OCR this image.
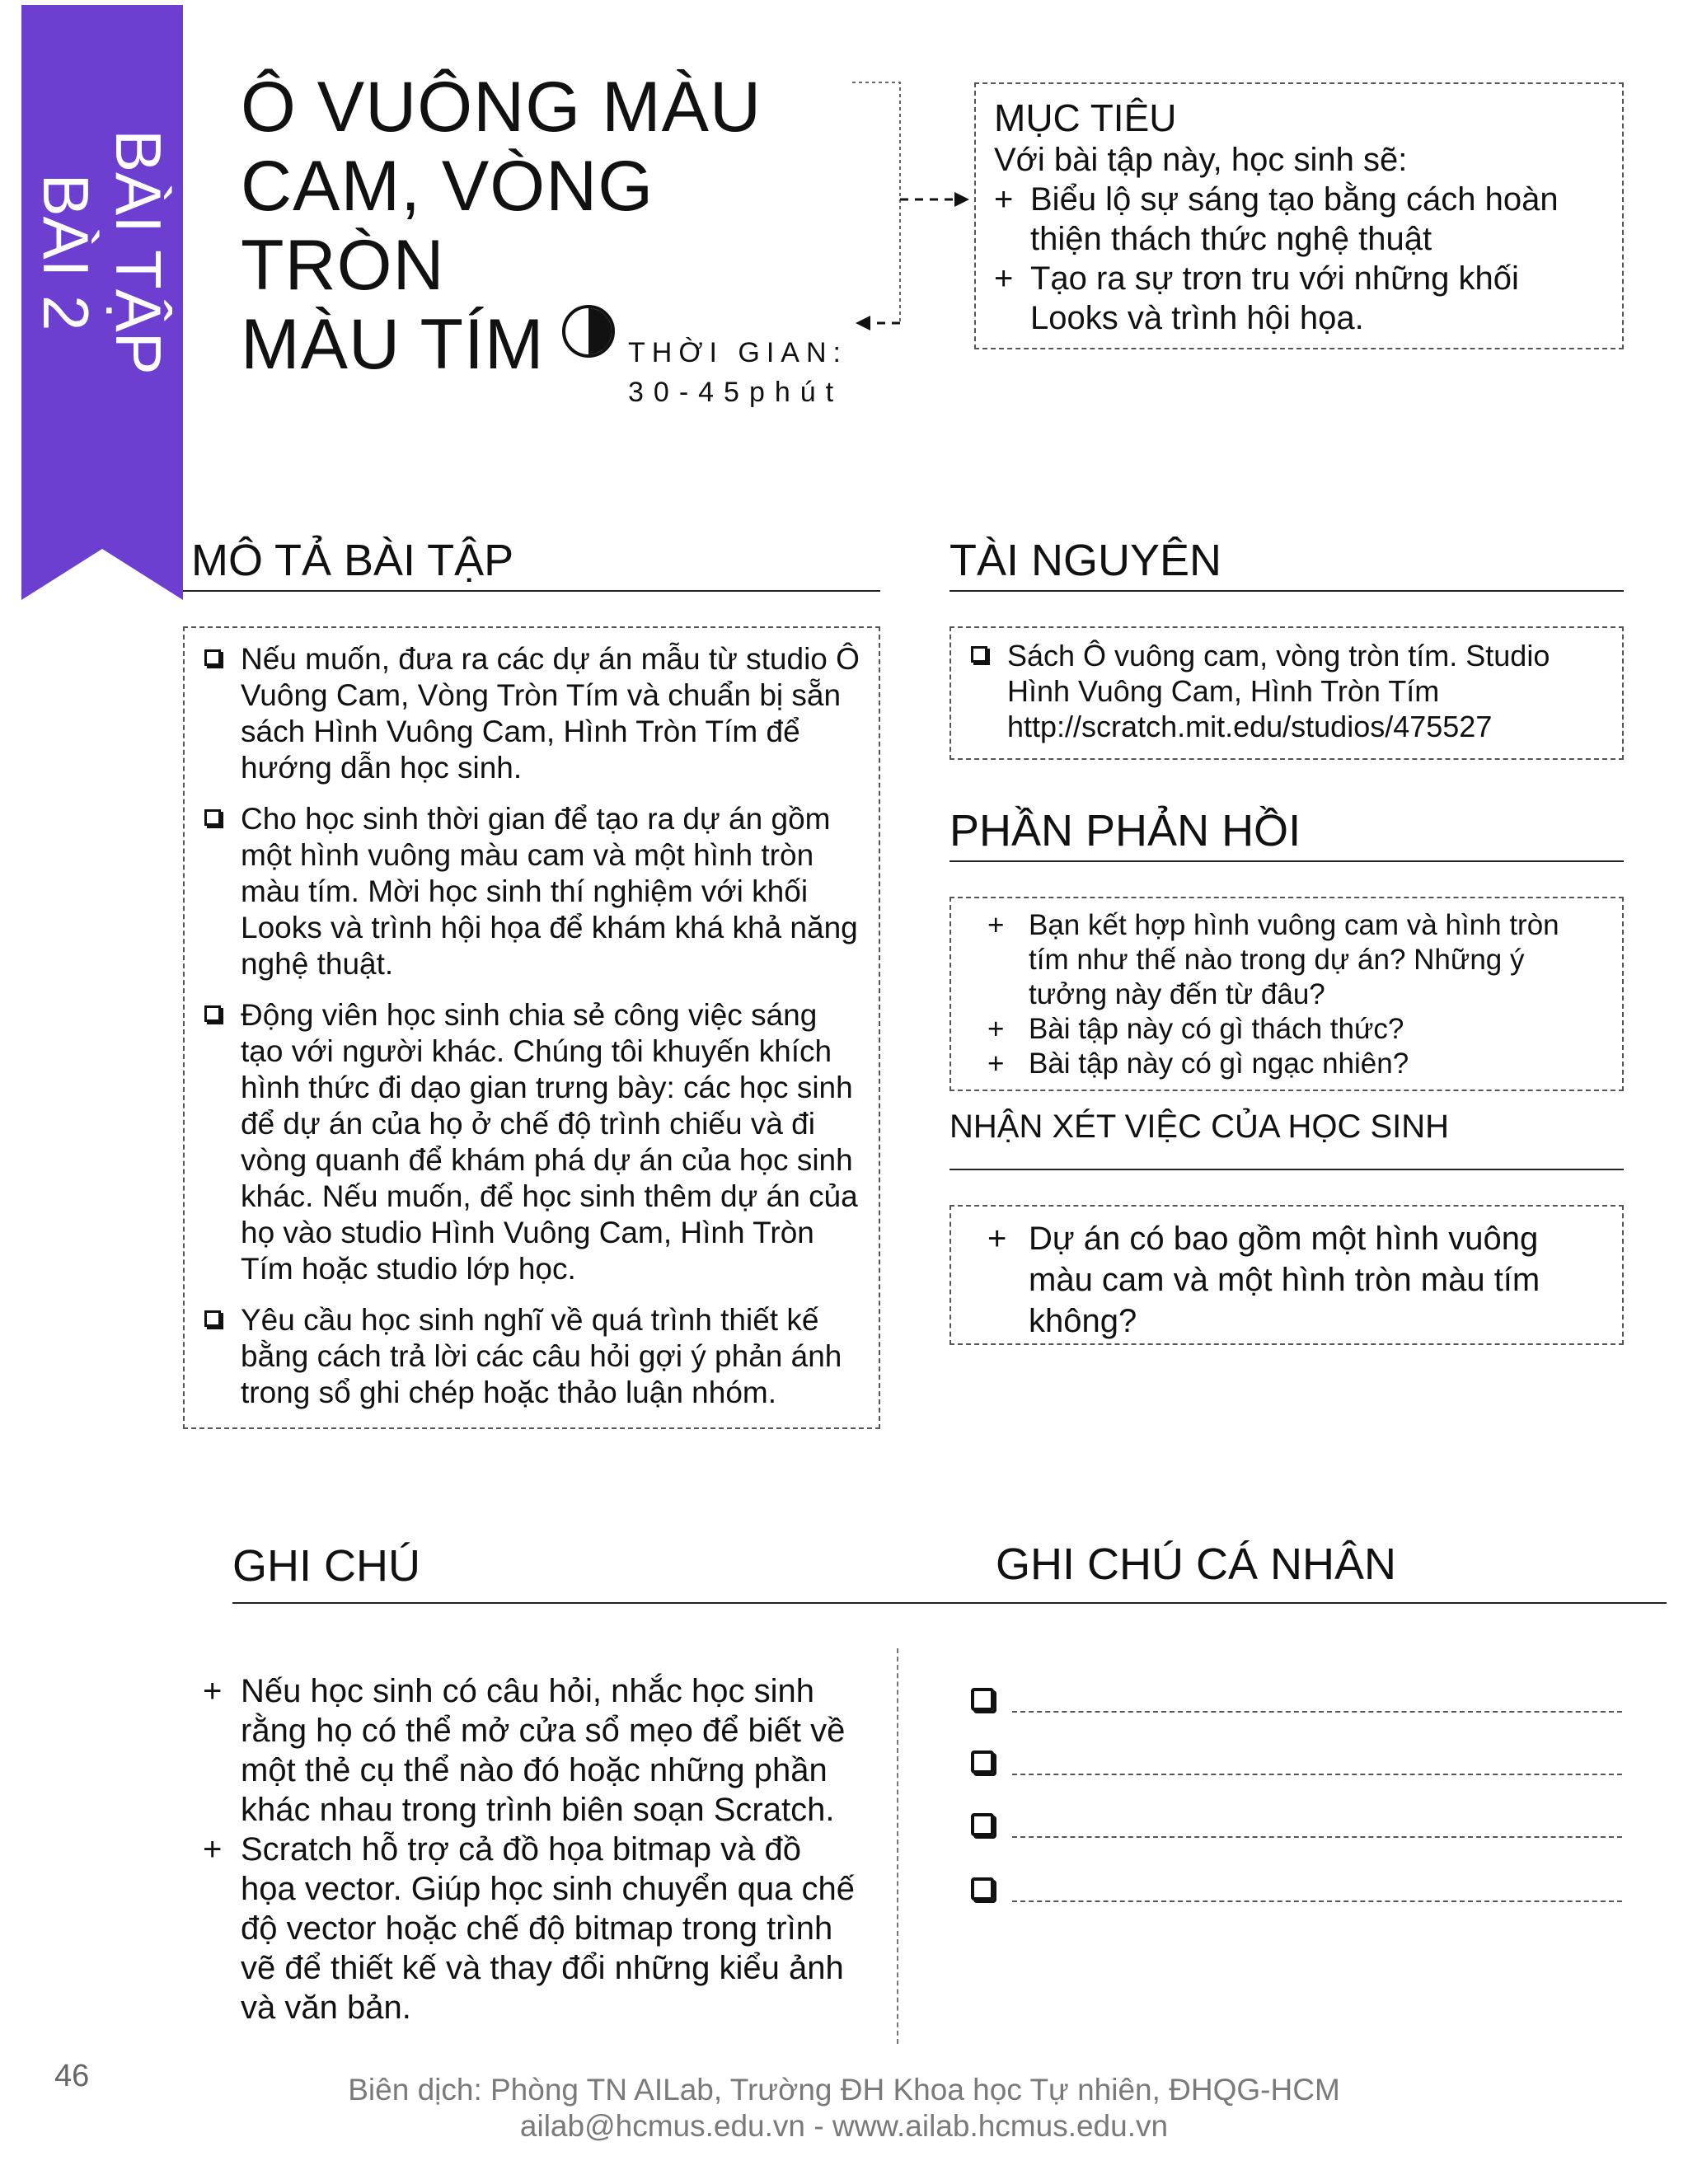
BÀI TẬP
BÀI 2
Ô VUÔNG MÀU
CAM, VÒNG TRÒN
MÀU TÍM	THỜI GIAN:
30-45phút
MỤC TIÊU
Với bài tập này, học sinh sẽ:
+ Biểu lộ sự sáng tạo bằng cách hoàn thiện thách thức nghệ thuật
+ Tạo ra sự trơn tru với những khối Looks và trình hội họa.
MÔ TẢ BÀI TẬP
Nếu muốn, đưa ra các dự án mẫu từ studio Ô Vuông Cam, Vòng Tròn Tím và chuẩn bị sẵn sách Hình Vuông Cam, Hình Tròn Tím để hướng dẫn học sinh.
Cho học sinh thời gian để tạo ra dự án gồm một hình vuông màu cam và một hình tròn màu tím. Mời học sinh thí nghiệm với khối Looks và trình hội họa để khám khá khả năng nghệ thuật.
Động viên học sinh chia sẻ công việc sáng tạo với người khác. Chúng tôi khuyến khích hình thức đi dạo gian trưng bày: các học sinh để dự án của họ ở chế độ trình chiếu và đi vòng quanh để khám phá dự án của học sinh khác. Nếu muốn, để học sinh thêm dự án của họ vào studio Hình Vuông Cam, Hình Tròn Tím hoặc studio lớp học.
Yêu cầu học sinh nghĩ về quá trình thiết kế bằng cách trả lời các câu hỏi gợi ý phản ánh trong sổ ghi chép hoặc thảo luận nhóm.
TÀI NGUYÊN
Sách Ô vuông cam, vòng tròn tím. Studio Hình Vuông Cam, Hình Tròn Tím http://scratch.mit.edu/studios/475527
PHẦN PHẢN HỒI
+ Bạn kết hợp hình vuông cam và hình tròn tím như thế nào trong dự án? Những ý tưởng này đến từ đâu?
+ Bài tập này có gì thách thức?
+ Bài tập này có gì ngạc nhiên?
NHẬN XÉT VIỆC CỦA HỌC SINH
+ Dự án có bao gồm một hình vuông màu cam và một hình tròn màu tím không?
GHI CHÚ	GHI CHÚ CÁ NHÂN
+ Nếu học sinh có câu hỏi, nhắc học sinh rằng họ có thể mở cửa sổ mẹo để biết về một thẻ cụ thể nào đó hoặc những phần khác nhau trong trình biên soạn Scratch.
+ Scratch hỗ trợ cả đồ họa bitmap và đồ họa vector. Giúp học sinh chuyển qua chế độ vector hoặc chế độ bitmap trong trình vẽ để thiết kế và thay đổi những kiểu ảnh và văn bản.
46	Biên dịch: Phòng TN AILab, Trường ĐH Khoa học Tự nhiên, ĐHQG-HCM
ailab@hcmus.edu.vn - www.ailab.hcmus.edu.vn
